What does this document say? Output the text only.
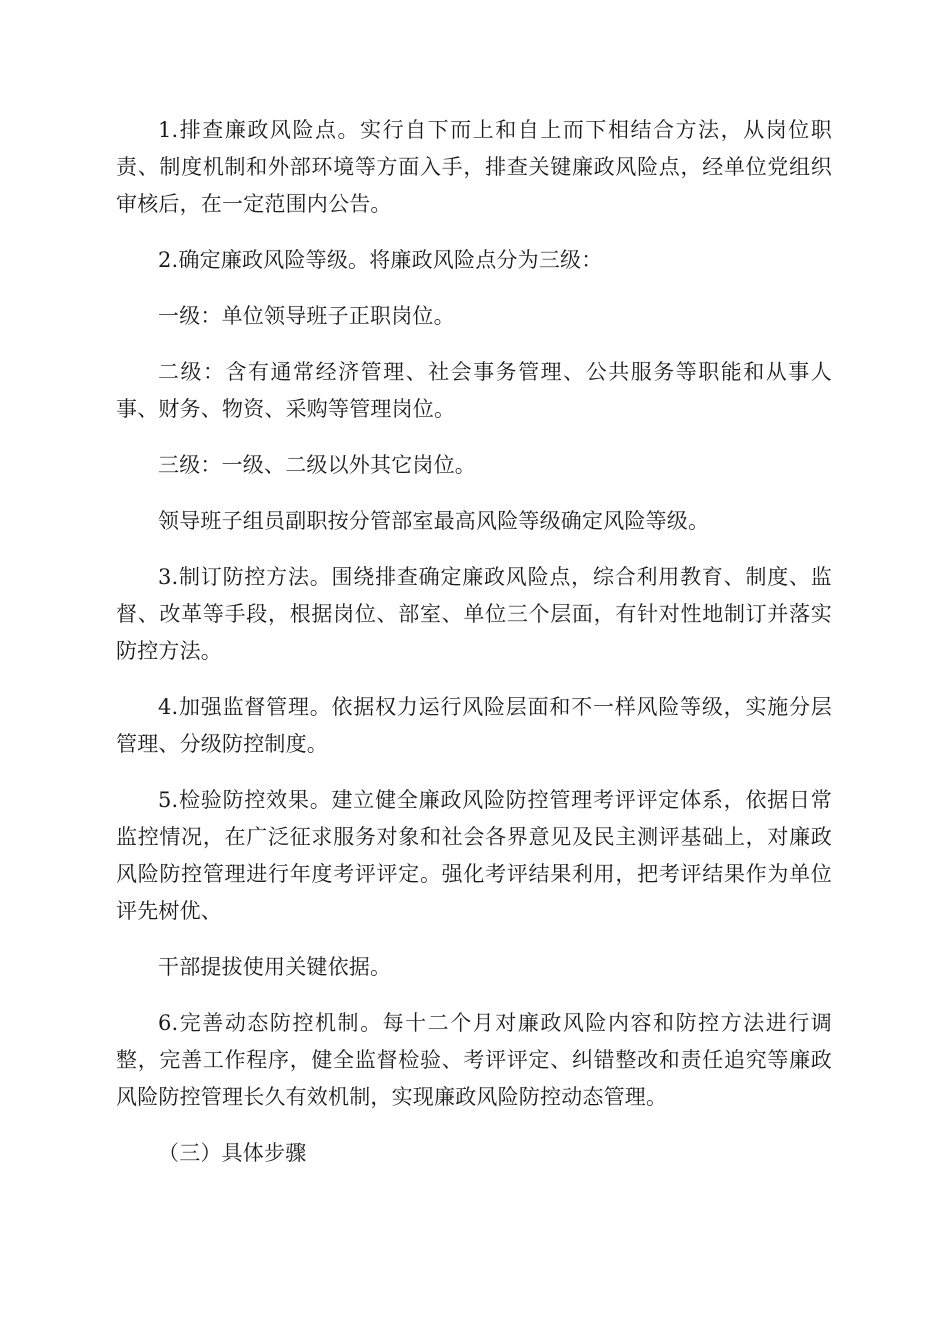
1.排查廉政风险点。实行自下而上和自上而下相结合方法，从岗位职责、制度机制和外部环境等方面入手，排查关键廉政风险点，经单位党组织审核后，在一定范围内公告。

2.确定廉政风险等级。将廉政风险点分为三级：

一级：单位领导班子正职岗位。

二级：含有通常经济管理、社会事务管理、公共服务等职能和从事人事、财务、物资、采购等管理岗位。

三级：一级、二级以外其它岗位。

领导班子组员副职按分管部室最高风险等级确定风险等级。

3.制订防控方法。围绕排查确定廉政风险点，综合利用教育、制度、监督、改革等手段，根据岗位、部室、单位三个层面，有针对性地制订并落实防控方法。

4.加强监督管理。依据权力运行风险层面和不一样风险等级，实施分层管理、分级防控制度。

5.检验防控效果。建立健全廉政风险防控管理考评评定体系，依据日常监控情况，在广泛征求服务对象和社会各界意见及民主测评基础上，对廉政风险防控管理进行年度考评评定。强化考评结果利用，把考评结果作为单位评先树优、

干部提拔使用关键依据。

6.完善动态防控机制。每十二个月对廉政风险内容和防控方法进行调整，完善工作程序，健全监督检验、考评评定、纠错整改和责任追究等廉政风险防控管理长久有效机制，实现廉政风险防控动态管理。

（三）具体步骤
